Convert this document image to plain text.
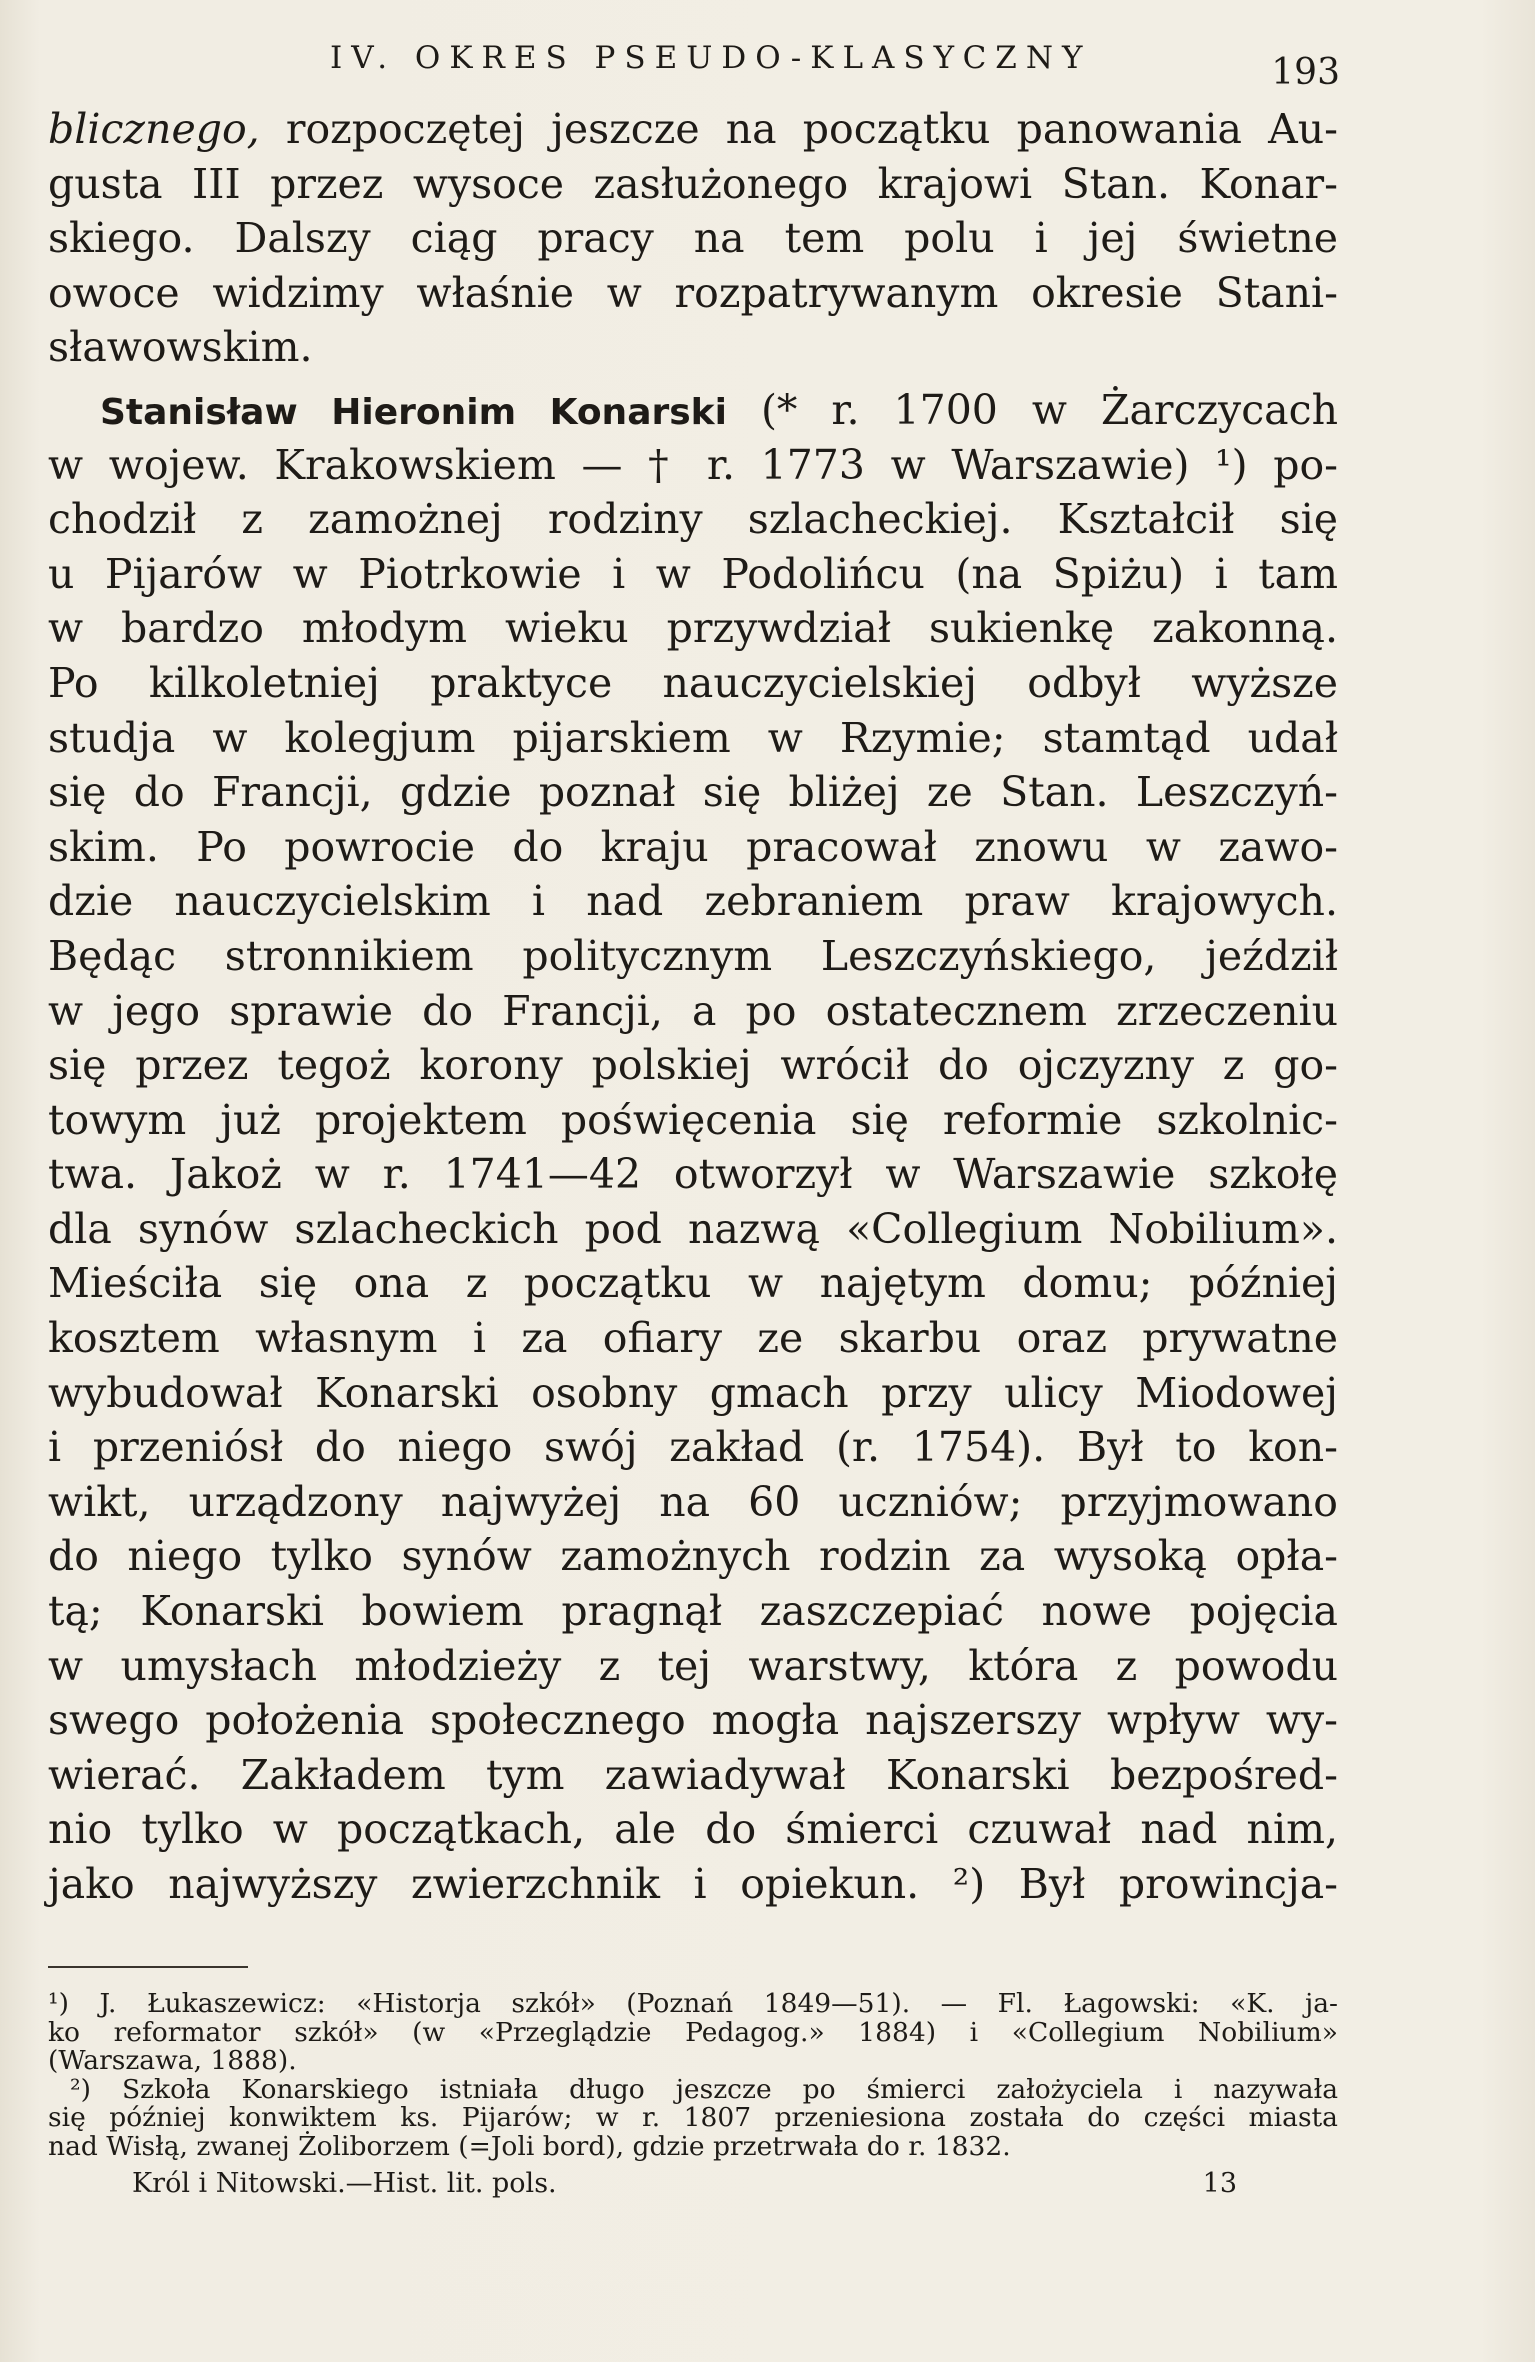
IV. OKRES PSEUDO-KLASYCZNY	193
blicznego, rozpoczętej jeszcze na początku panowania Au-
gusta III przez wysoce zasłużonego krajowi Stan. Konar-
skiego. Dalszy ciąg pracy na tem polu i jej świetne
owoce widzimy właśnie w rozpatrywanym okresie Stani-
sławowskim.
Stanisław Hieronim Konarski (* r. 1700 w Żarczycach
w wojew. Krakowskiem — † r. 1773 w Warszawie) ¹) po-
chodził z zamożnej rodziny szlacheckiej. Kształcił się
u Pijarów w Piotrkowie i w Podolińcu (na Spiżu) i tam
w bardzo młodym wieku przywdział sukienkę zakonną.
Po kilkoletniej praktyce nauczycielskiej odbył wyższe
studja w kolegjum pijarskiem w Rzymie; stamtąd udał
się do Francji, gdzie poznał się bliżej ze Stan. Leszczyń-
skim. Po powrocie do kraju pracował znowu w zawo-
dzie nauczycielskim i nad zebraniem praw krajowych.
Będąc stronnikiem politycznym Leszczyńskiego, jeździł
w jego sprawie do Francji, a po ostatecznem zrzeczeniu
się przez tegoż korony polskiej wrócił do ojczyzny z go-
towym już projektem poświęcenia się reformie szkolnic-
twa. Jakoż w r. 1741—42 otworzył w Warszawie szkołę
dla synów szlacheckich pod nazwą «Collegium Nobilium».
Mieściła się ona z początku w najętym domu; później
kosztem własnym i za ofiary ze skarbu oraz prywatne
wybudował Konarski osobny gmach przy ulicy Miodowej
i przeniósł do niego swój zakład (r. 1754). Był to kon-
wikt, urządzony najwyżej na 60 uczniów; przyjmowano
do niego tylko synów zamożnych rodzin za wysoką opła-
tą; Konarski bowiem pragnął zaszczepiać nowe pojęcia
w umysłach młodzieży z tej warstwy, która z powodu
swego położenia społecznego mogła najszerszy wpływ wy-
wierać. Zakładem tym zawiadywał Konarski bezpośred-
nio tylko w początkach, ale do śmierci czuwał nad nim,
jako najwyższy zwierzchnik i opiekun. ²) Był prowincja-
¹) J. Łukaszewicz: «Historja szkół» (Poznań 1849—51). — Fl. Łagowski: «K. ja-
ko reformator szkół» (w «Przeglądzie Pedagog.» 1884) i «Collegium Nobilium»
(Warszawa, 1888).
²) Szkoła Konarskiego istniała długo jeszcze po śmierci założyciela i nazywała
się później konwiktem ks. Pijarów; w r. 1807 przeniesiona została do części miasta
nad Wisłą, zwanej Żoliborzem (=Joli bord), gdzie przetrwała do r. 1832.
Król i Nitowski.—Hist. lit. pols.	13
